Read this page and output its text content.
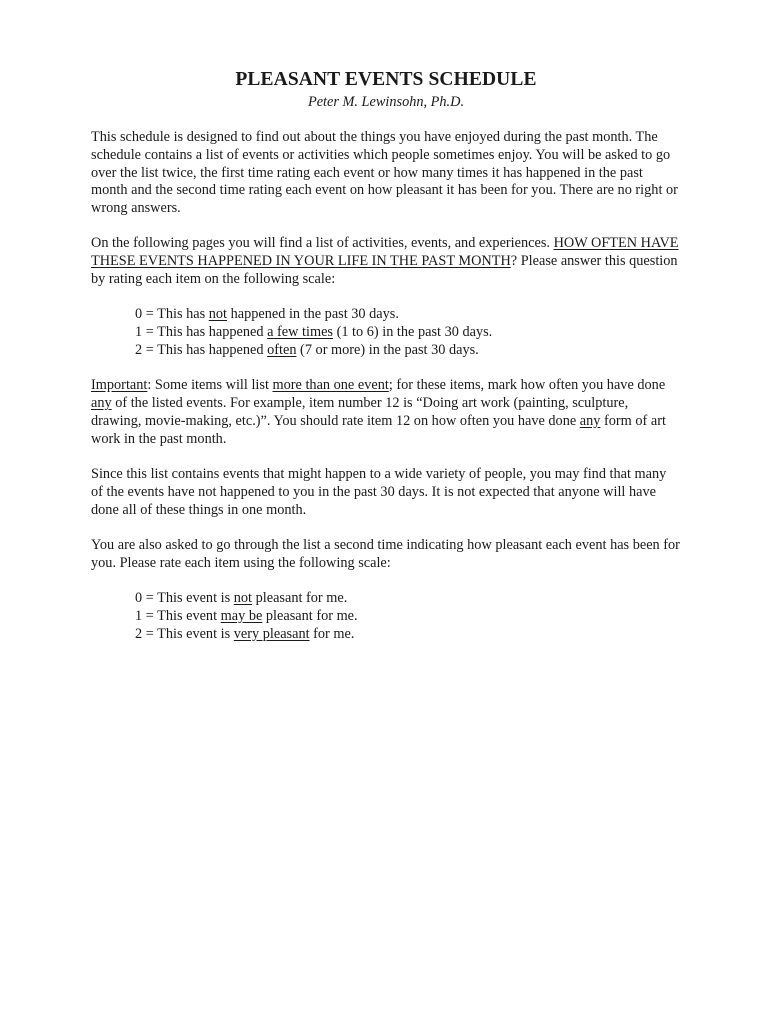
PLEASANT EVENTS SCHEDULE
Peter M. Lewinsohn, Ph.D.

This schedule is designed to find out about the things you have enjoyed during the past month. The schedule contains a list of events or activities which people sometimes enjoy. You will be asked to go over the list twice, the first time rating each event or how many times it has happened in the past month and the second time rating each event on how pleasant it has been for you. There are no right or wrong answers.

On the following pages you will find a list of activities, events, and experiences. HOW OFTEN HAVE THESE EVENTS HAPPENED IN YOUR LIFE IN THE PAST MONTH? Please answer this question by rating each item on the following scale:

0 = This has not happened in the past 30 days.
1 = This has happened a few times (1 to 6) in the past 30 days.
2 = This has happened often (7 or more) in the past 30 days.

Important: Some items will list more than one event; for these items, mark how often you have done any of the listed events. For example, item number 12 is “Doing art work (painting, sculpture, drawing, movie-making, etc.)”. You should rate item 12 on how often you have done any form of art work in the past month.

Since this list contains events that might happen to a wide variety of people, you may find that many of the events have not happened to you in the past 30 days. It is not expected that anyone will have done all of these things in one month.

You are also asked to go through the list a second time indicating how pleasant each event has been for you. Please rate each item using the following scale:

0 = This event is not pleasant for me.
1 = This event may be pleasant for me.
2 = This event is very pleasant for me.
